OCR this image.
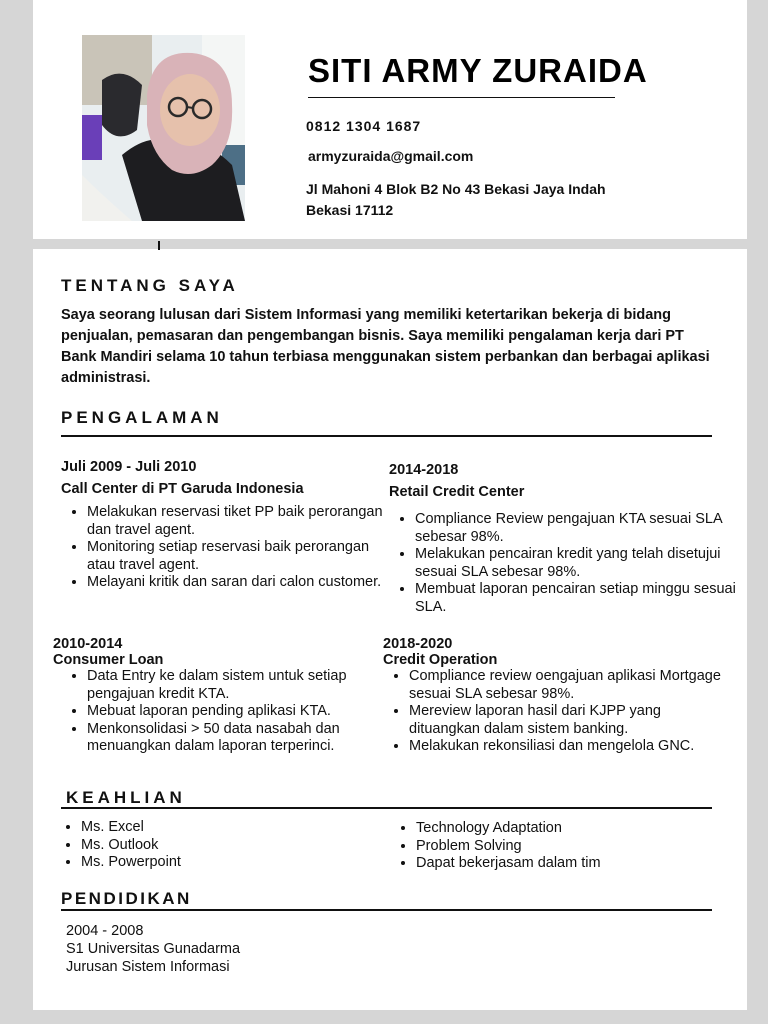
SITI ARMY ZURAIDA
0812 1304 1687
armyzuraida@gmail.com
Jl Mahoni 4 Blok B2 No 43 Bekasi Jaya Indah
Bekasi 17112
TENTANG SAYA

Saya seorang lulusan dari Sistem Informasi yang memiliki ketertarikan bekerja di bidang penjualan, pemasaran dan pengembangan bisnis. Saya memiliki pengalaman kerja dari PT Bank Mandiri selama 10 tahun terbiasa menggunakan sistem perbankan dan berbagai aplikasi administrasi.

PENGALAMAN
Juli 2009 - Juli 2010
Call Center di PT Garuda Indonesia
• Melakukan reservasi tiket PP baik perorangan dan travel agent.
• Monitoring setiap reservasi baik perorangan atau travel agent.
• Melayani kritik dan saran dari calon customer.
2014-2018
Retail Credit Center
• Compliance Review pengajuan KTA sesuai SLA sebesar 98%.
• Melakukan pencairan kredit yang telah disetujui sesuai SLA sebesar 98%.
• Membuat laporan pencairan setiap minggu sesuai SLA.
2010-2014
Consumer Loan
• Data Entry ke dalam sistem untuk setiap pengajuan kredit KTA.
• Mebuat laporan pending aplikasi KTA.
• Menkonsolidasi > 50 data nasabah dan menuangkan dalam laporan terperinci.
2018-2020
Credit Operation
• Compliance review oengajuan aplikasi Mortgage sesuai SLA sebesar 98%.
• Mereview laporan hasil dari KJPP yang dituangkan dalam sistem banking.
• Melakukan rekonsiliasi dan mengelola GNC.
KEAHLIAN
• Ms. Excel
• Ms. Outlook
• Ms. Powerpoint
• Technology Adaptation
• Problem Solving
• Dapat bekerjasam dalam tim
PENDIDIKAN
2004 - 2008
S1 Universitas Gunadarma
Jurusan Sistem Informasi
